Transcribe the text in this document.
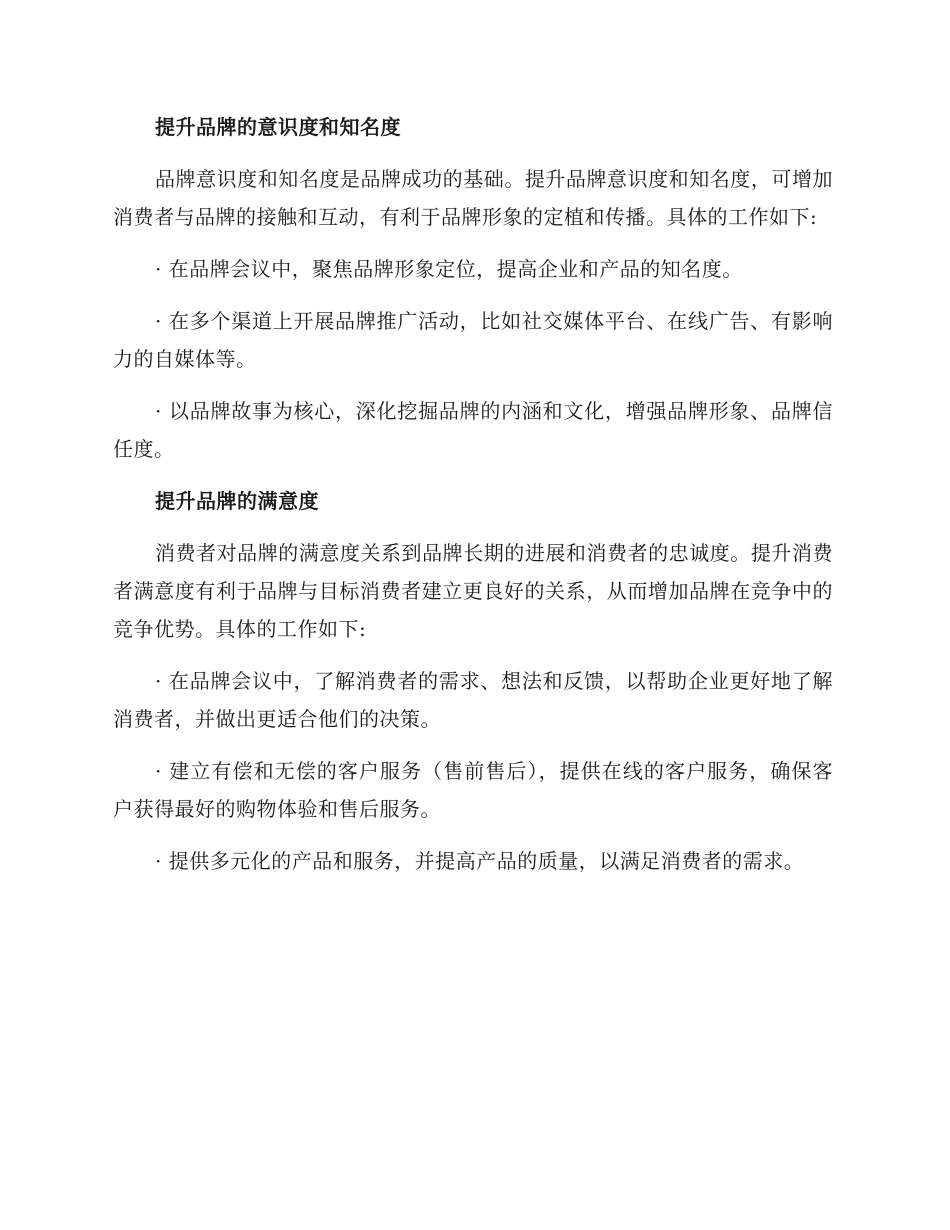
提升品牌的意识度和知名度

品牌意识度和知名度是品牌成功的基础。提升品牌意识度和知名度，可增加消费者与品牌的接触和互动，有利于品牌形象的定植和传播。具体的工作如下:

· 在品牌会议中，聚焦品牌形象定位，提高企业和产品的知名度。

· 在多个渠道上开展品牌推广活动，比如社交媒体平台、在线广告、有影响力的自媒体等。

· 以品牌故事为核心，深化挖掘品牌的内涵和文化，增强品牌形象、品牌信任度。

提升品牌的满意度

消费者对品牌的满意度关系到品牌长期的进展和消费者的忠诚度。提升消费者满意度有利于品牌与目标消费者建立更良好的关系，从而增加品牌在竞争中的竞争优势。具体的工作如下:

· 在品牌会议中，了解消费者的需求、想法和反馈，以帮助企业更好地了解消费者，并做出更适合他们的决策。

· 建立有偿和无偿的客户服务（售前售后），提供在线的客户服务，确保客户获得最好的购物体验和售后服务。

· 提供多元化的产品和服务，并提高产品的质量，以满足消费者的需求。
